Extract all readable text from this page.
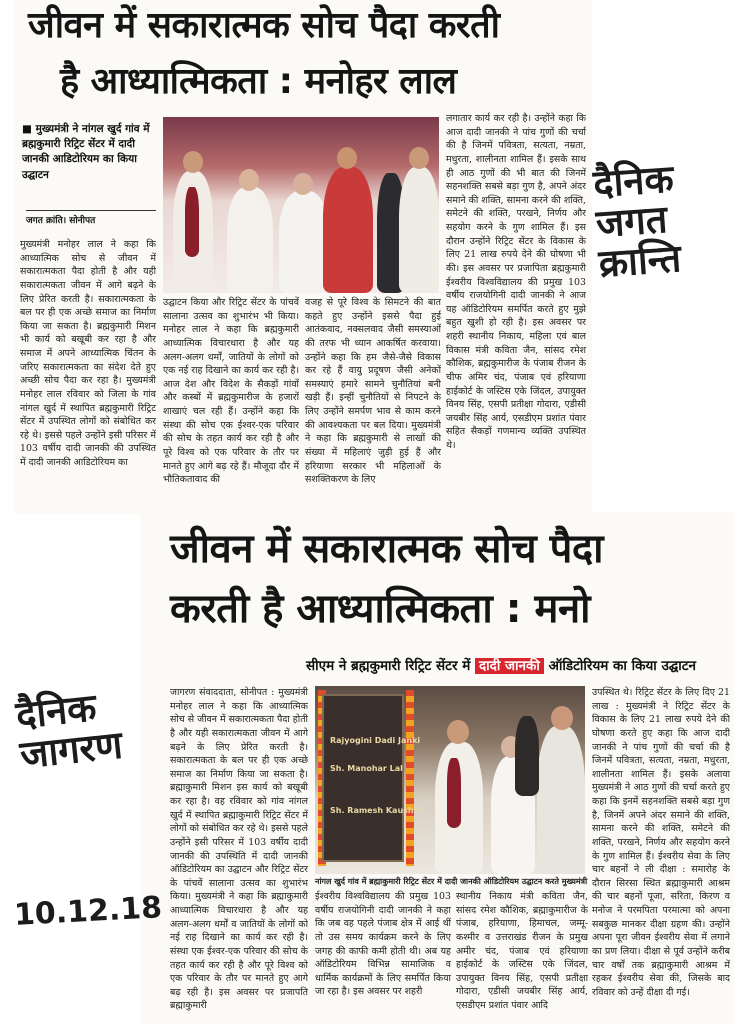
जीवन में सकारात्मक सोच पैदा करती
है आध्यात्मिकता : मनोहर लाल
■ मुख्यमंत्री ने नांगल खुर्द गांव में ब्रह्मकुमारी रिट्रिट सेंटर में दादी जानकी आडिटोरियम का किया उद्घाटन
जगत क्रांति। सोनीपत
मुख्यमंत्री मनोहर लाल ने कहा कि आध्यात्मिक सोच से जीवन में सकारात्मकता पैदा होती है और यही सकारात्मकता जीवन में आगे बढ़ने के लिए प्रेरित करती है। सकारात्मकता के बल पर ही एक अच्छे समाज का निर्माण किया जा सकता है। ब्रह्मकुमारी मिशन भी कार्य को बखूबी कर रहा है और समाज में अपने आध्यात्मिक चिंतन के जरिए सकारात्मकता का संदेश देते हुए अच्छी सोच पैदा कर रहा है। मुख्यमंत्री मनोहर लाल रविवार को जिला के गांव नांगल खुर्द में स्थापित ब्रह्मकुमारी रिट्रिट सेंटर में उपस्थित लोगों को संबोधित कर रहे थे। इससे पहले उन्होंने इसी परिसर में 103 वर्षीय दादी जानकी की उपस्थित में दादी जानकी आडिटोरियम का
उद्घाटन किया और रिट्रिट सेंटर के पांचवें सालाना उत्सव का शुभारंभ भी किया। मनोहर लाल ने कहा कि ब्रह्मकुमारी आध्यात्मिक विचारधारा है और यह अलग-अलग धर्मों, जातियों के लोगों को एक नई राह दिखाने का कार्य कर रही है। आज देश और विदेश के सैकड़ों गांवों और कस्बों में ब्रह्मकुमारीज के हजारों शाखाएं चल रही हैं। उन्होंने कहा कि संस्था की सोच एक ईश्वर-एक परिवार की सोच के तहत कार्य कर रही है और पूरे विश्व को एक परिवार के तौर पर मानते हुए आगे बढ़ रहे हैं। मौजूदा दौर में भौतिकतावाद की
वजह से पूरे विश्व के सिमटने की बात कहते हुए उन्होंने इससे पैदा हुई आतंकवाद, नक्सलवाद जैसी समस्याओं की तरफ भी ध्यान आकर्षित करवाया। उन्होंने कहा कि हम जैसे-जैसे विकास कर रहे हैं वायु प्रदूषण जैसी अनेकों समस्याएं हमारे सामने चुनौतियां बनी खड़ी हैं। इन्हीं चुनौतियों से निपटने के लिए उन्होंने समर्पण भाव से काम करने की आवश्यकता पर बल दिया। मुख्यमंत्री ने कहा कि ब्रह्मकुमारी से लाखों की संख्या में महिलाएं जुड़ी हुई हैं और हरियाणा सरकार भी महिलाओं के सशक्तिकरण के लिए
लगातार कार्य कर रही है। उन्होंने कहा कि आज दादी जानकी ने पांच गुणों की चर्चा की है जिनमें पवित्रता, सत्यता, नम्रता, मधुरता, शालीनता शामिल हैं। इसके साथ ही आठ गुणों की भी बात की जिनमें सहनशक्ति सबसे बड़ा गुण है, अपने अंदर समाने की शक्ति, सामना करने की शक्ति, समेटने की शक्ति, परखने, निर्णय और सहयोग करने के गुण शामिल हैं। इस दौरान उन्होंने रिट्रिट सेंटर के विकास के लिए 21 लाख रुपये देने की घोषणा भी की। इस अवसर पर प्रजापिता ब्रह्मकुमारी ईश्वरीय विश्वविद्यालय की प्रमुख 103 वर्षीय राजयोगिनी दादी जानकी ने आज यह ऑडिटोरियम समर्पित करते हुए मुझे बहुत खुशी हो रही है। इस अवसर पर शहरी स्थानीय निकाय, महिला एवं बाल विकास मंत्री कविता जैन, सांसद रमेश कौशिक, ब्रह्मकुमारीज के पंजाब रीजन के चीफ अमिर चंद, पंजाब एवं हरियाणा हाईकोर्ट के जस्टिस एके जिंदल, उपायुक्त विनय सिंह, एसपी प्रतीक्षा गोदारा, एडीसी जयबीर सिंह आर्य, एसडीएम प्रशांत पंवार सहित सैकड़ों गणमान्य व्यक्ति उपस्थित थे।
दैनिक जगत क्रान्ति
जीवन में सकारात्मक सोच पैदा
करती है आध्यात्मिकता : मनो
सीएम ने ब्रह्मकुमारी रिट्रिट सेंटर में दादी जानकी ऑडिटोरियम का किया उद्घाटन
जागरण संवाददाता, सोनीपत : मुख्यमंत्री मनोहर लाल ने कहा कि आध्यात्मिक सोच से जीवन में सकारात्मकता पैदा होती है और यही सकारात्मकता जीवन में आगे बढ़ने के लिए प्रेरित करती है। सकारात्मकता के बल पर ही एक अच्छे समाज का निर्माण किया जा सकता है। ब्रह्माकुमारी मिशन इस कार्य को बखूबी कर रहा है। वह रविवार को गांव नांगल खुर्द में स्थापित ब्रह्माकुमारी रिट्रिट सेंटर में लोगों को संबोधित कर रहे थे। इससे पहले उन्होंने इसी परिसर में 103 वर्षीय दादी जानकी की उपस्थिति में दादी जानकी ऑडिटोरियम का उद्घाटन और रिट्रिट सेंटर के पांचवें सालाना उत्सव का शुभारंभ किया। मुख्यमंत्री ने कहा कि ब्रह्माकुमारी आध्यात्मिक विचारधारा है और यह अलग-अलग धर्मों व जातियों के लोगों को नई राह दिखाने का कार्य कर रही है। संस्था एक ईश्वर-एक परिवार की सोच के तहत कार्य कर रही है और पूरे विश्व को एक परिवार के तौर पर मानते हुए आगे बढ़ रही है। इस अवसर पर प्रजापति ब्रह्माकुमारी
Rajyogini Dadi Janki
Sh. Manohar Lal
Sh. Ramesh Kaushik
नांगल खुर्द गांव में ब्रह्माकुमारी रिट्रिट सेंटर में दादी जानकी ऑडिटोरियम उद्घाटन करते मुख्यमंत्री
ईश्वरीय विश्वविद्यालय की प्रमुख 103 वर्षीय राजयोगिनी दादी जानकी ने कहा कि जब वह पहले पंजाब क्षेत्र में आई थीं तो उस समय कार्यक्रम करने के लिए जगह की काफी कमी होती थी। अब यह ऑडिटोरियम विभिन्न सामाजिक व धार्मिक कार्यक्रमों के लिए समर्पित किया जा रहा है। इस अवसर पर शहरी
स्थानीय निकाय मंत्री कविता जैन, सांसद रमेश कौशिक, ब्रह्माकुमारीज के पंजाब, हरियाणा, हिमाचल, जम्मू-कश्मीर व उत्तराखंड रीजन के प्रमुख अमीर चंद, पंजाब एवं हरियाणा हाईकोर्ट के जस्टिस एके जिंदल, उपायुक्त विनय सिंह, एसपी प्रतीक्षा गोदारा, एडीसी जयबीर सिंह आर्य, एसडीएम प्रशांत पंवार आदि
उपस्थित थे। रिट्रिट सेंटर के लिए दिए 21 लाख : मुख्यमंत्री ने रिट्रिट सेंटर के विकास के लिए 21 लाख रुपये देने की घोषणा करते हुए कहा कि आज दादी जानकी ने पांच गुणों की चर्चा की है जिनमें पवित्रता, सत्यता, नम्रता, मधुरता, शालीनता शामिल हैं। इसके अलावा मुख्यमंत्री ने आठ गुणों की चर्चा करते हुए कहा कि इनमें सहनशक्ति सबसे बड़ा गुण है, जिनमें अपने अंदर समाने की शक्ति, सामना करने की शक्ति, समेटने की शक्ति, परखने, निर्णय और सहयोग करने के गुण शामिल हैं। ईश्वरीय सेवा के लिए चार बहनों ने ली दीक्षा : समारोह के दौरान सिरसा स्थित ब्रह्माकुमारी आश्रम की चार बहनों पूजा, सरिता, किरण व मनोज ने परमपिता परमात्मा को अपना सबकुछ मानकर दीक्षा ग्रहण की। उन्होंने अपना पूरा जीवन ईश्वरीय सेवा में लगाने का प्रण लिया। दीक्षा से पूर्व उन्होंने करीब चार वर्षों तक ब्रह्माकुमारी आश्रम में रहकर ईश्वरीय सेवा की, जिसके बाद रविवार को उन्हें दीक्षा दी गई।
दैनिक जागरण
10.12.18
